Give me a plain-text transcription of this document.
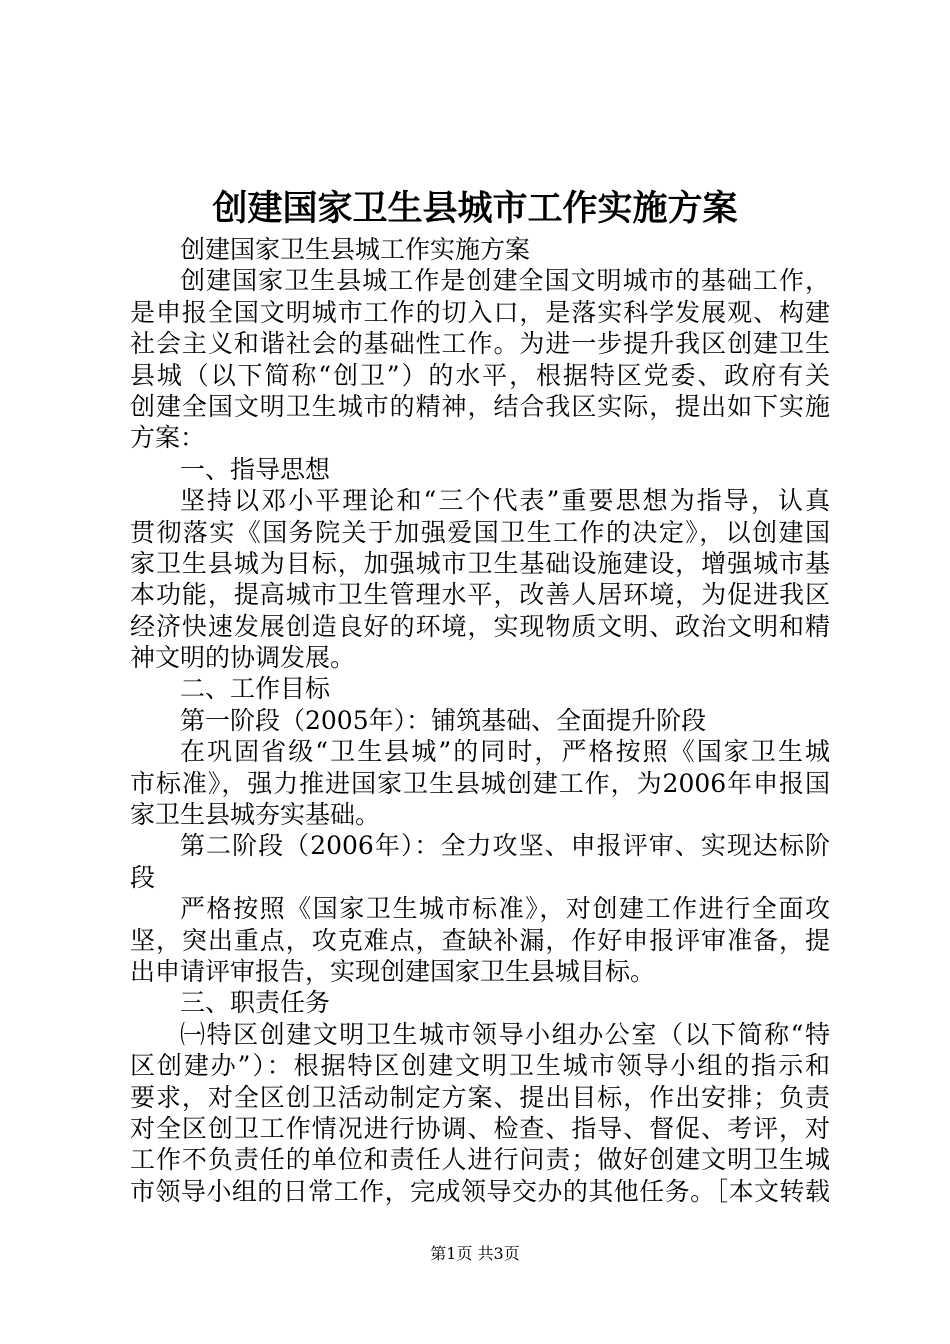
创建国家卫生县城市工作实施方案
创建国家卫生县城工作实施方案
创建国家卫生县城工作是创建全国文明城市的基础工作，
是申报全国文明城市工作的切入口，是落实科学发展观、构建
社会主义和谐社会的基础性工作。为进一步提升我区创建卫生
县城（以下简称“创卫”）的水平，根据特区党委、政府有关
创建全国文明卫生城市的精神，结合我区实际，提出如下实施
方案：
一、指导思想
坚持以邓小平理论和“三个代表”重要思想为指导，认真
贯彻落实《国务院关于加强爱国卫生工作的决定》，以创建国
家卫生县城为目标，加强城市卫生基础设施建设，增强城市基
本功能，提高城市卫生管理水平，改善人居环境，为促进我区
经济快速发展创造良好的环境，实现物质文明、政治文明和精
神文明的协调发展。
二、工作目标
第一阶段（2005年）：铺筑基础、全面提升阶段
在巩固省级“卫生县城”的同时，严格按照《国家卫生城
市标准》，强力推进国家卫生县城创建工作，为2006年申报国
家卫生县城夯实基础。
第二阶段（2006年）：全力攻坚、申报评审、实现达标阶
段
严格按照《国家卫生城市标准》，对创建工作进行全面攻
坚，突出重点，攻克难点，查缺补漏，作好申报评审准备，提
出申请评审报告，实现创建国家卫生县城目标。
三、职责任务
㈠特区创建文明卫生城市领导小组办公室（以下简称“特
区创建办”）：根据特区创建文明卫生城市领导小组的指示和
要求，对全区创卫活动制定方案、提出目标，作出安排；负责
对全区创卫工作情况进行协调、检查、指导、督促、考评，对
工作不负责任的单位和责任人进行问责；做好创建文明卫生城
市领导小组的日常工作，完成领导交办的其他任务。［本文转载
第1页 共3页
